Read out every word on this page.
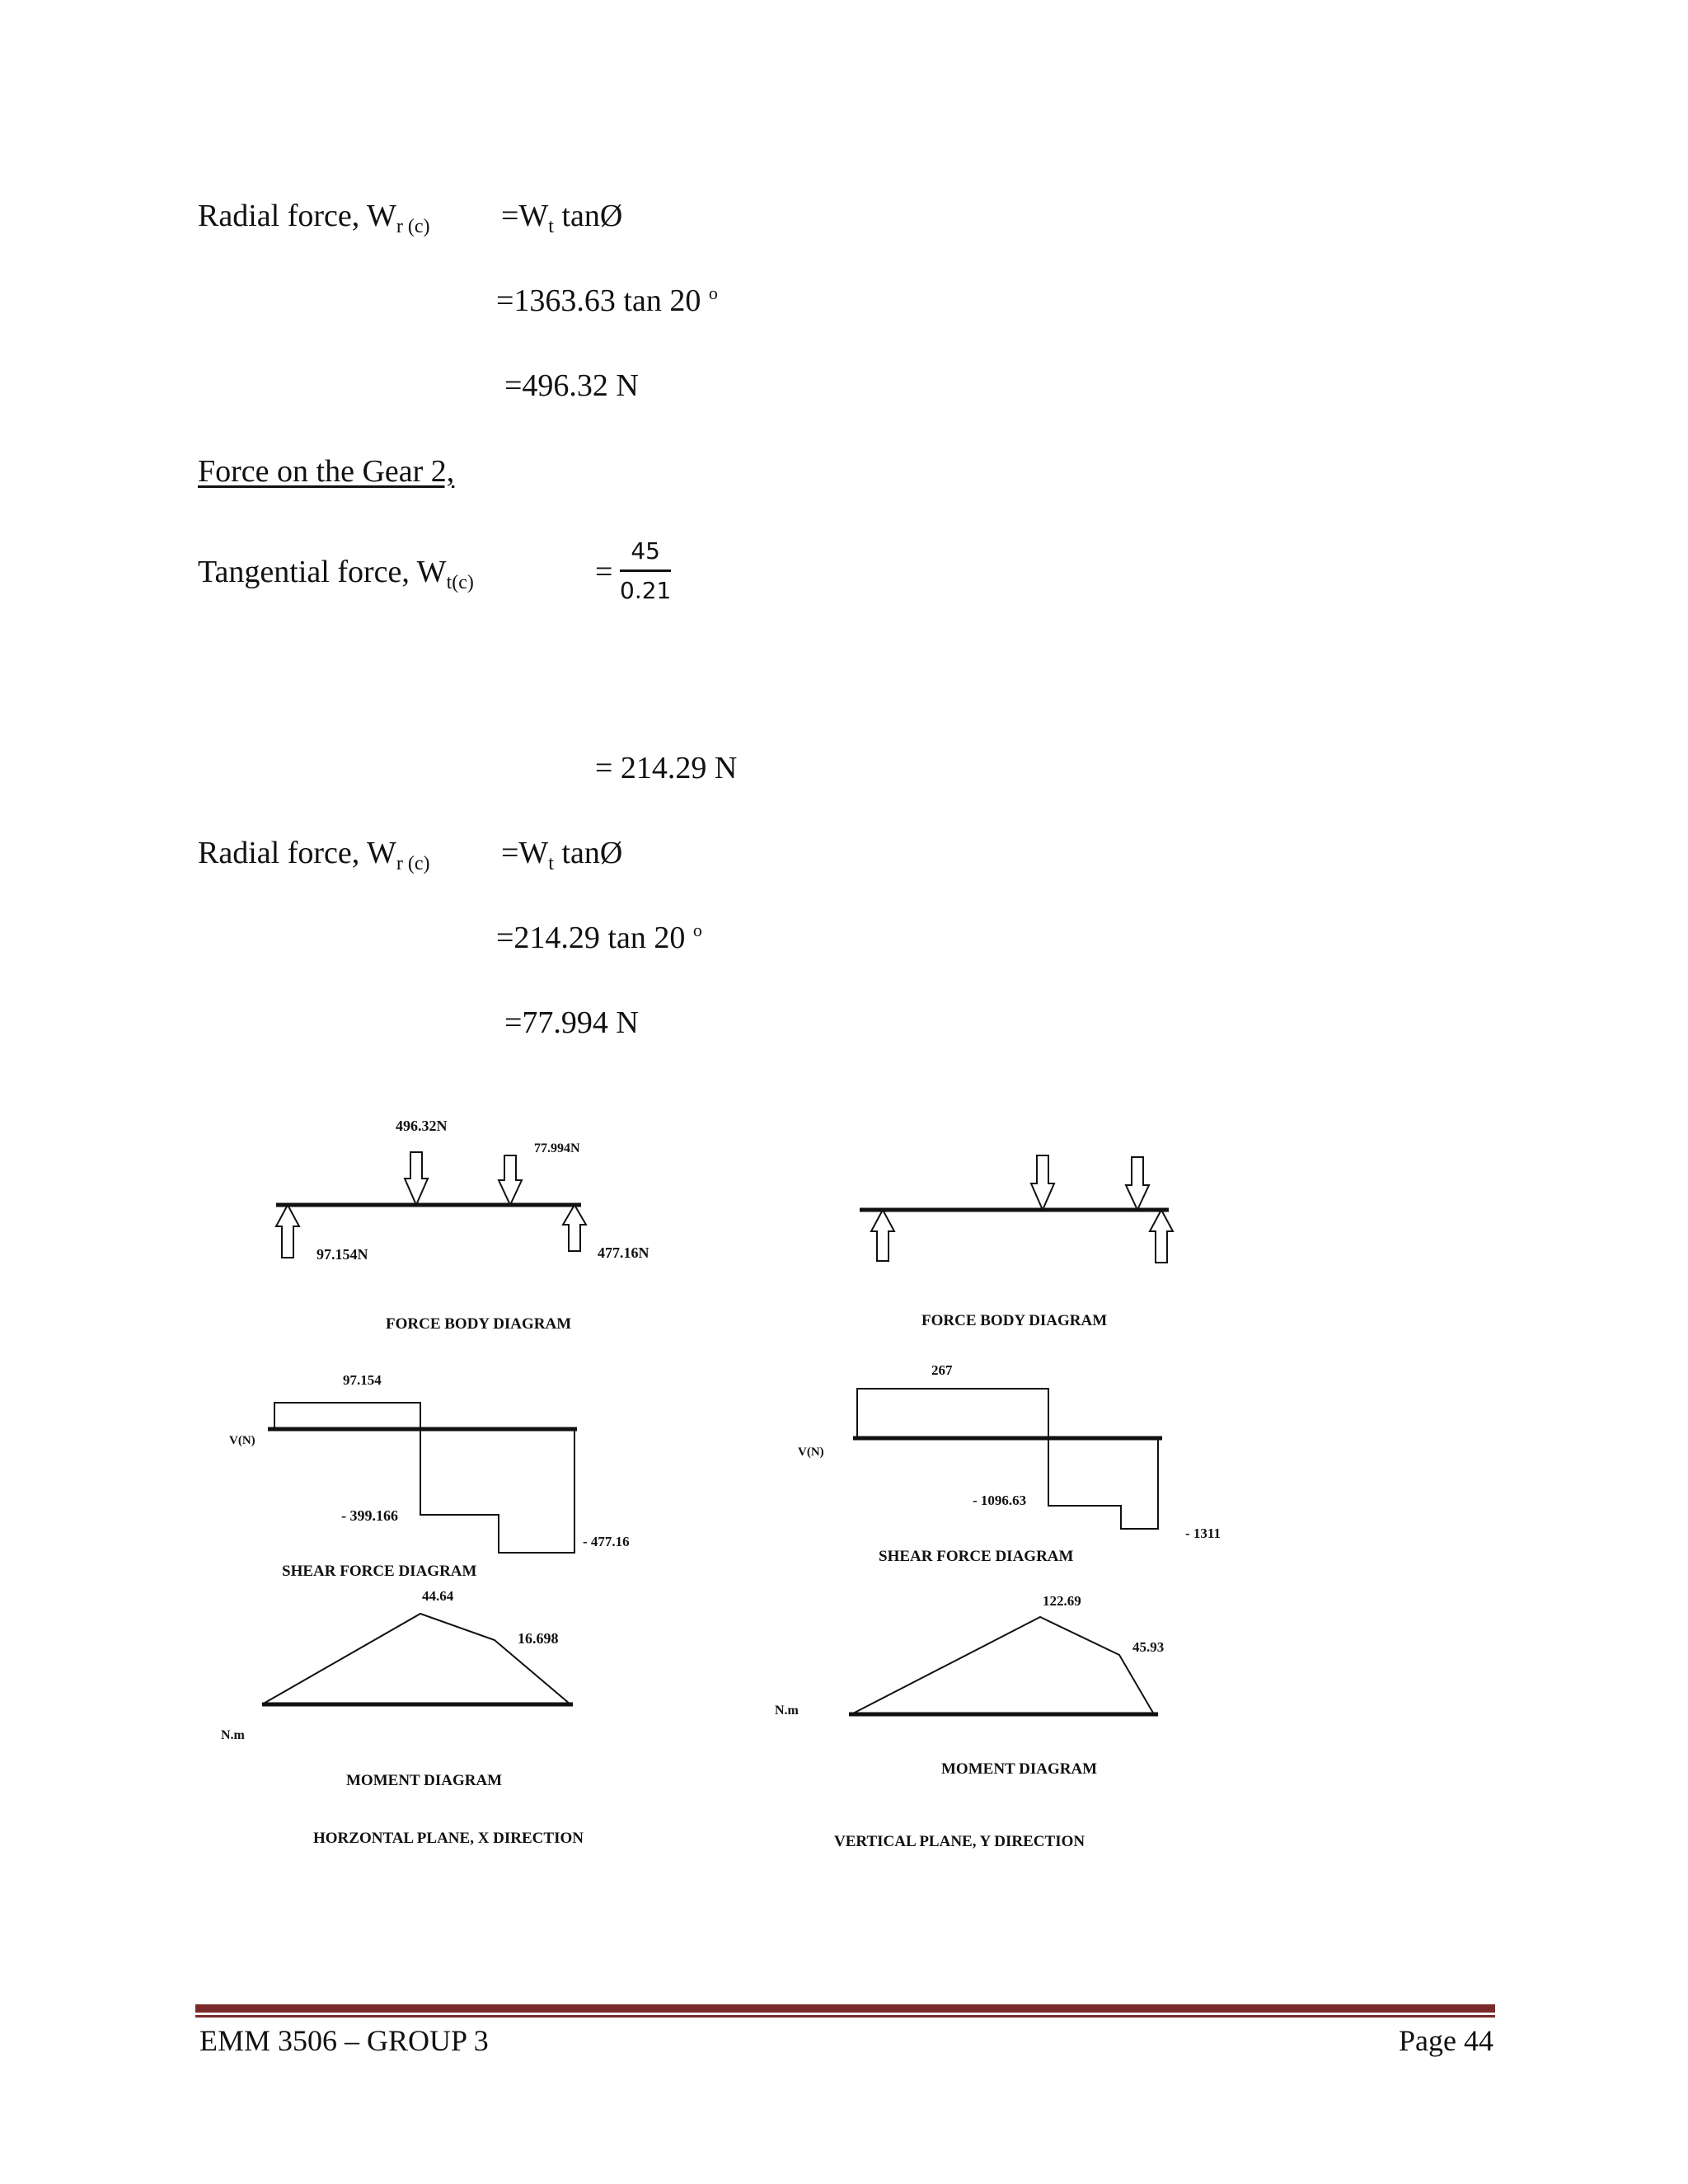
Radial force, $W_{r (c)} =W_t$ tanØ
=1363.63 tan 20 $^o$
=496.32 N
Force on the Gear 2,
Tangential force, $W_{t(c)}$	= $\frac{45}{0.21}$
= 214.29 N
Radial force, $W_{r (c)} =W_t$ tanØ
=214.29 tan 20 $^o$
=77.994 N
496.32N
77.994N
97.154N	477.16N
FORCE BODY DIAGRAM
97.154
V(N)
- 399.166
- 477.16
SHEAR FORCE DIAGRAM
44.64
16.698
N.m
MOMENT DIAGRAM
HORZONTAL PLANE, X DIRECTION
FORCE BODY DIAGRAM
267
V(N)
- 1096.63
- 1311
SHEAR FORCE DIAGRAM
122.69
45.93
N.m
MOMENT DIAGRAM
VERTICAL PLANE, Y DIRECTION
EMM 3506 – GROUP 3	Page 44
